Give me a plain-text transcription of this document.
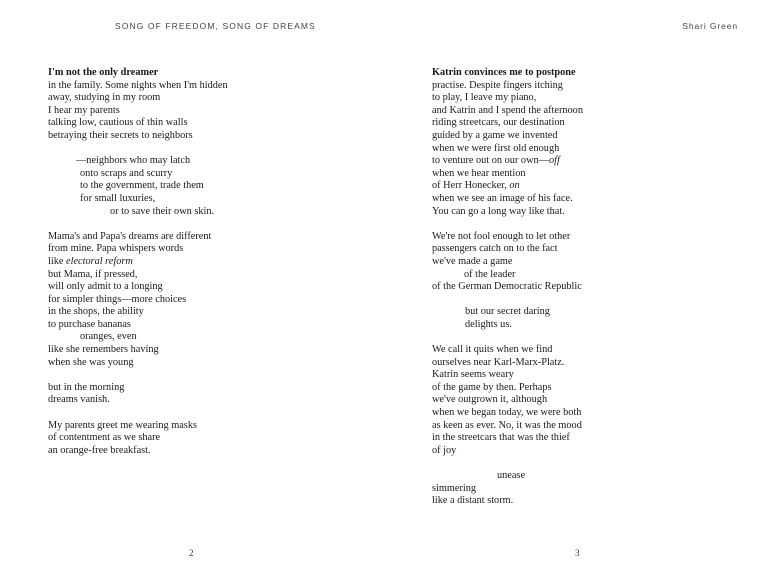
SONG OF FREEDOM, SONG OF DREAMS
I'm not the only dreamer
in the family. Some nights when I'm hidden
away, studying in my room
I hear my parents
talking low, cautious of thin walls
betraying their secrets to neighbors
—neighbors who may latch
onto scraps and scurry
to the government, trade them
for small luxuries,
or to save their own skin.
Mama's and Papa's dreams are different
from mine. Papa whispers words
like electoral reform
but Mama, if pressed,
will only admit to a longing
for simpler things—more choices
in the shops, the ability
to purchase bananas
oranges, even
like she remembers having
when she was young
but in the morning
dreams vanish.
My parents greet me wearing masks
of contentment as we share
an orange-free breakfast.
2
Shari Green
Katrin convinces me to postpone
practise. Despite fingers itching
to play, I leave my piano,
and Katrin and I spend the afternoon
riding streetcars, our destination
guided by a game we invented
when we were first old enough
to venture out on our own—off
when we hear mention
of Herr Honecker, on
when we see an image of his face.
You can go a long way like that.
We're not fool enough to let other
passengers catch on to the fact
we've made a game
of the leader
of the German Democratic Republic
but our secret daring
delights us.
We call it quits when we find
ourselves near Karl-Marx-Platz.
Katrin seems weary
of the game by then. Perhaps
we've outgrown it, although
when we began today, we were both
as keen as ever. No, it was the mood
in the streetcars that was the thief
of joy
unease
simmering
like a distant storm.
3
